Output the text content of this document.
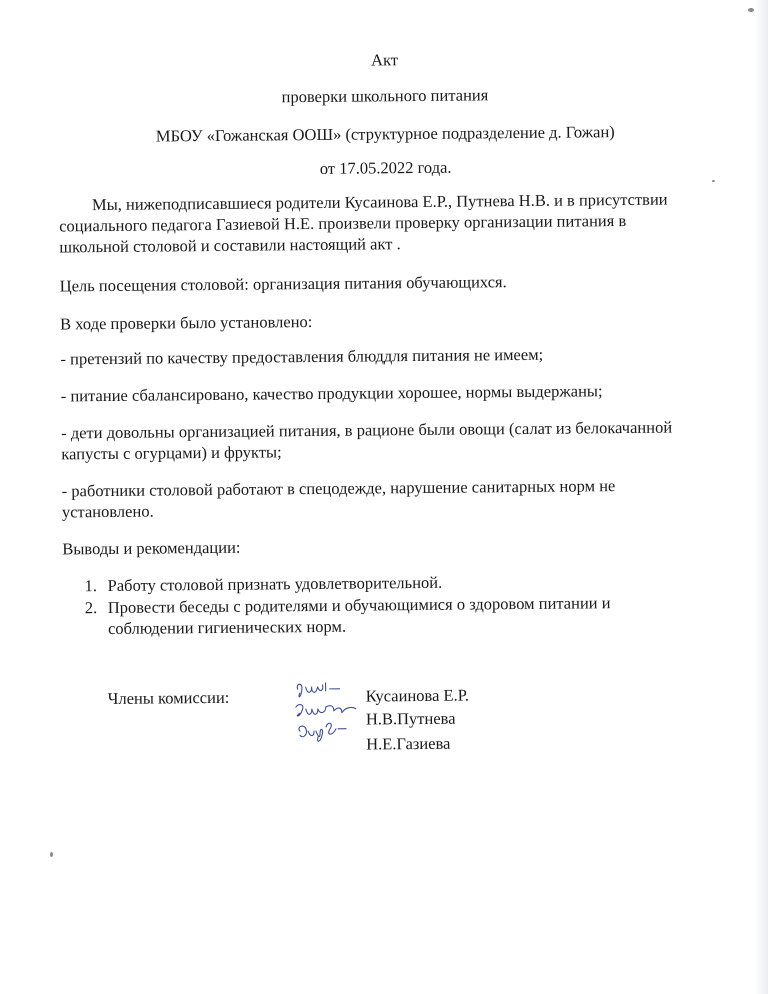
Акт
проверки школьного питания
МБОУ «Гожанская ООШ» (структурное подразделение д. Гожан)
от 17.05.2022 года.
Мы, нижеподписавшиеся родители Кусаинова Е.Р., Путнева Н.В. и в присутствии
социального педагога Газиевой Н.Е. произвели проверку организации питания в
школьной столовой и составили настоящий акт .
Цель посещения столовой: организация питания обучающихся.
В ходе проверки было установлено:
- претензий по качеству предоставления блюддля питания не имеем;
- питание сбалансировано, качество продукции хорошее, нормы выдержаны;
- дети довольны организацией питания, в рационе были овощи (салат из белокачанной
капусты с огурцами) и фрукты;
- работники столовой работают в спецодежде, нарушение санитарных норм не
установлено.
Выводы и рекомендации:
1. Работу столовой признать удовлетворительной.
2. Провести беседы с родителями и обучающимися о здоровом питании и
соблюдении гигиенических норм.
Члены комиссии:	Кусаинова Е.Р.
Н.В.Путнева
Н.Е.Газиева
